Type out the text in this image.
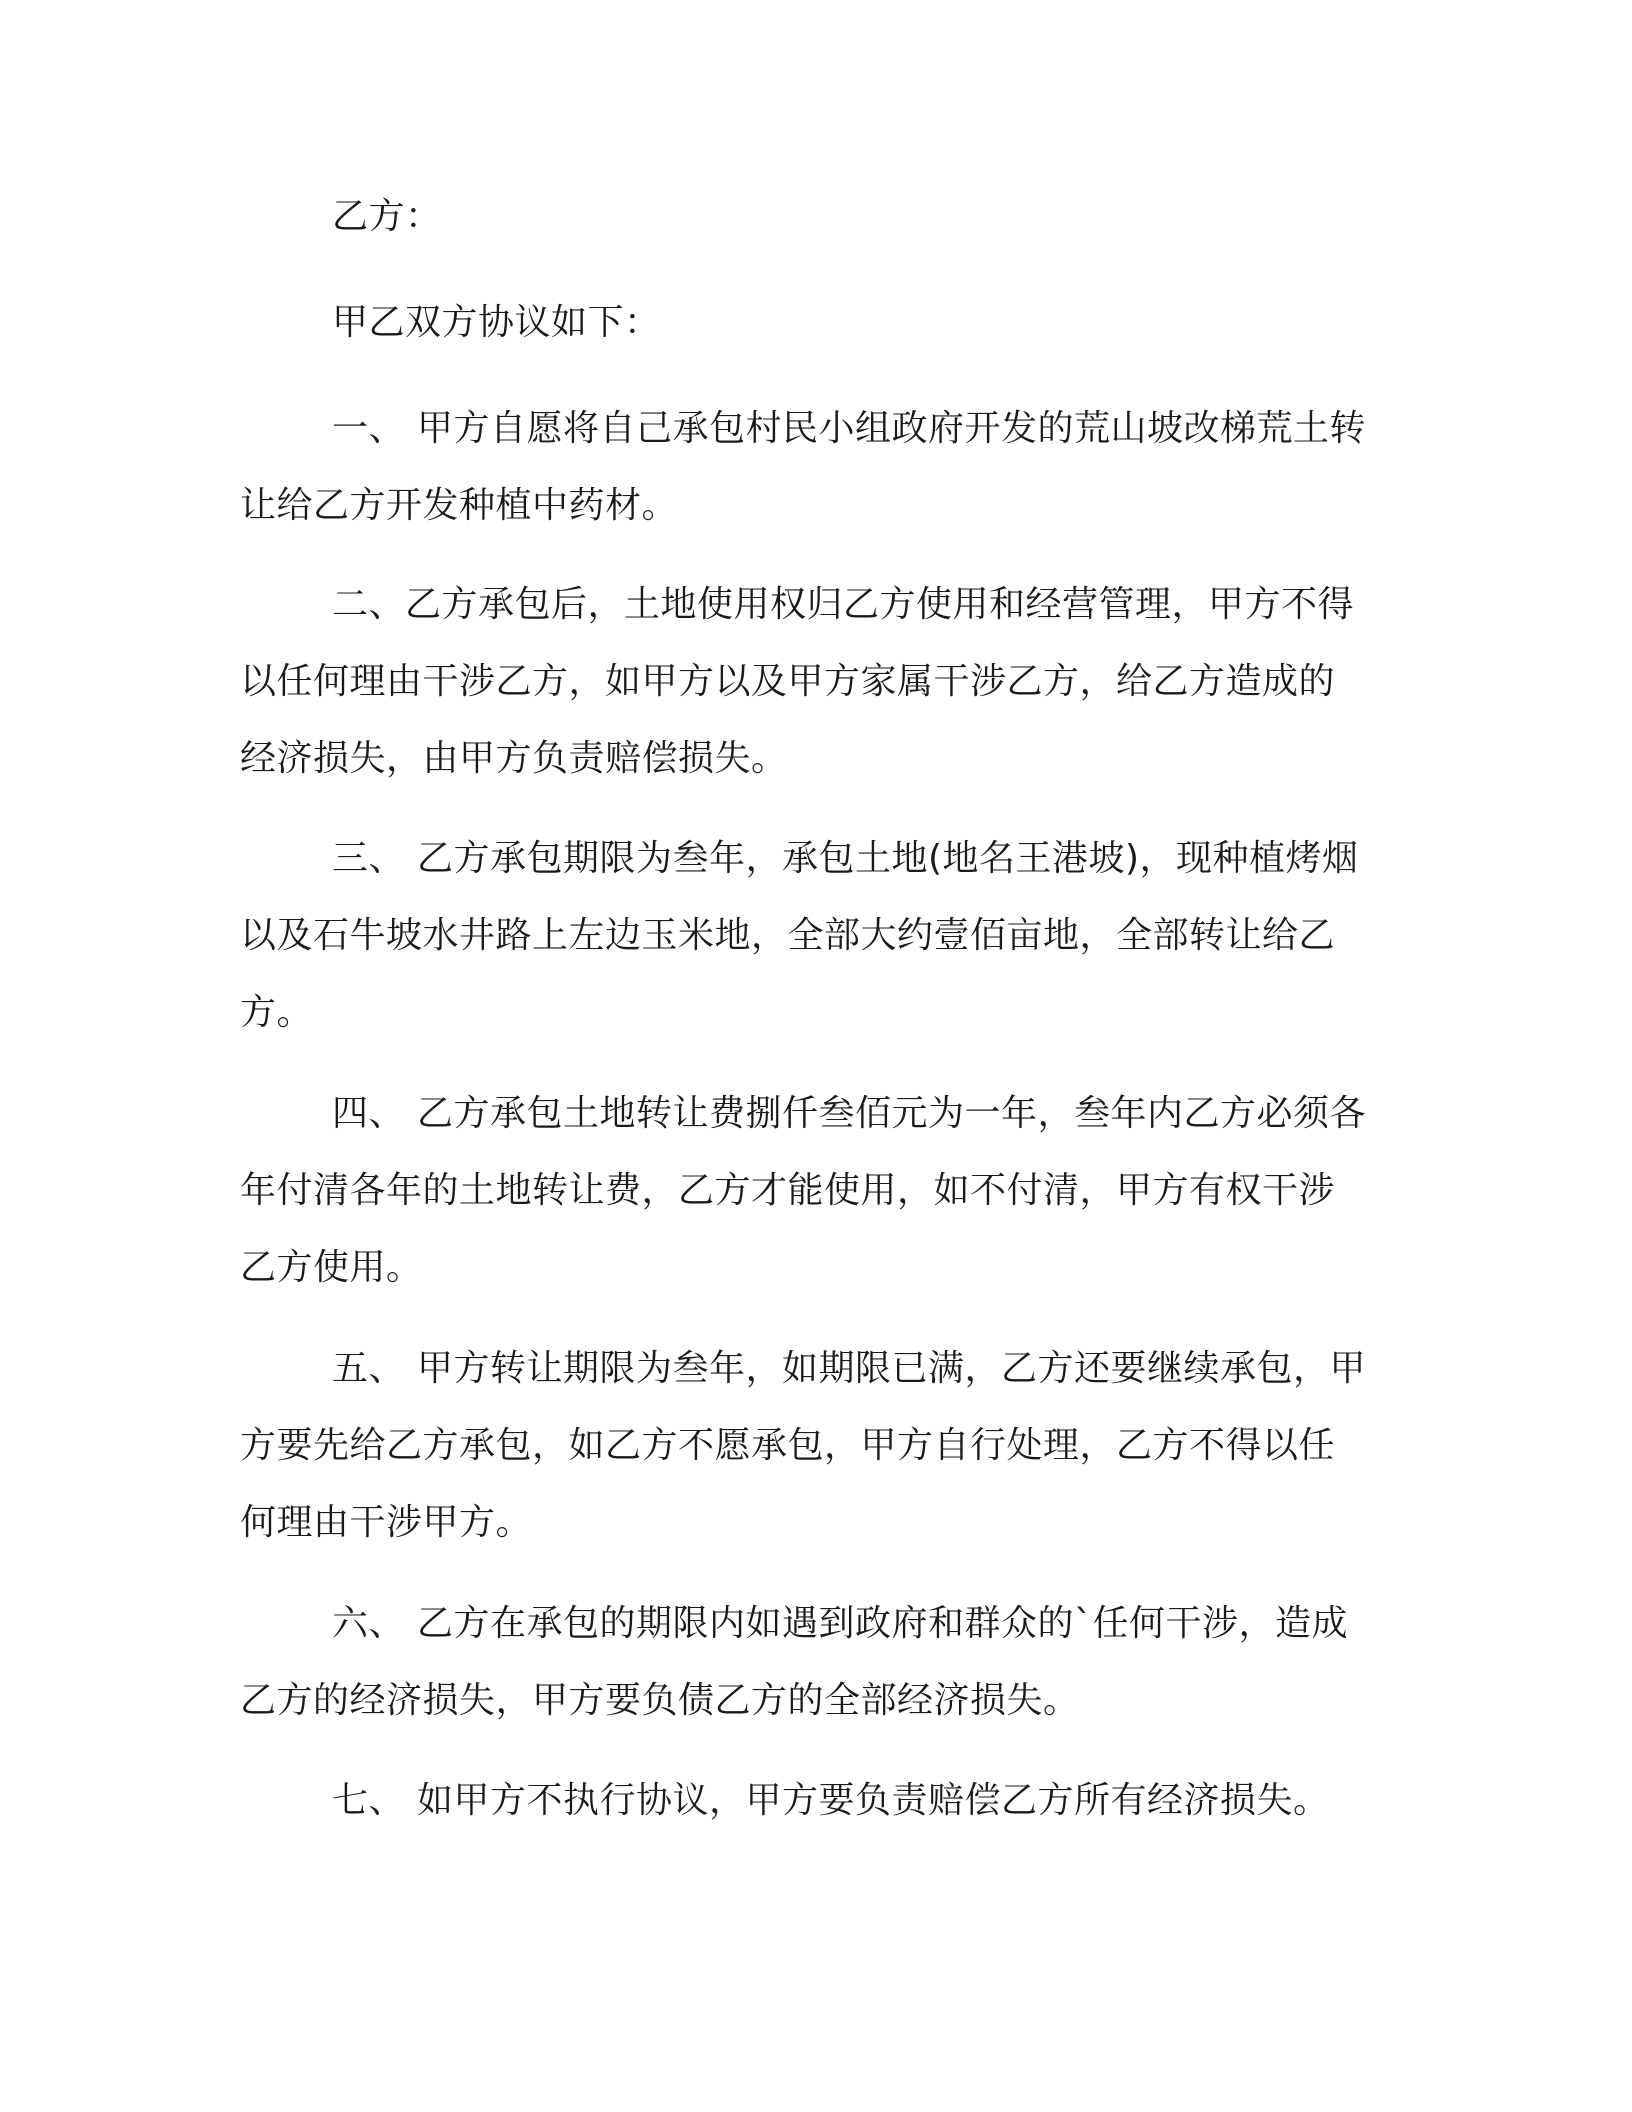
乙方：
甲乙双方协议如下：
一、 甲方自愿将自己承包村民小组政府开发的荒山坡改梯荒土转
让给乙方开发种植中药材。
二、乙方承包后，土地使用权归乙方使用和经营管理，甲方不得
以任何理由干涉乙方，如甲方以及甲方家属干涉乙方，给乙方造成的
经济损失，由甲方负责赔偿损失。
三、 乙方承包期限为叁年，承包土地(地名王港坡)，现种植烤烟
以及石牛坡水井路上左边玉米地，全部大约壹佰亩地，全部转让给乙
方。
四、 乙方承包土地转让费捌仟叁佰元为一年，叁年内乙方必须各
年付清各年的土地转让费，乙方才能使用，如不付清，甲方有权干涉
乙方使用。
五、 甲方转让期限为叁年，如期限已满，乙方还要继续承包，甲
方要先给乙方承包，如乙方不愿承包，甲方自行处理，乙方不得以任
何理由干涉甲方。
六、 乙方在承包的期限内如遇到政府和群众的`任何干涉，造成
乙方的经济损失，甲方要负债乙方的全部经济损失。
七、 如甲方不执行协议，甲方要负责赔偿乙方所有经济损失。
